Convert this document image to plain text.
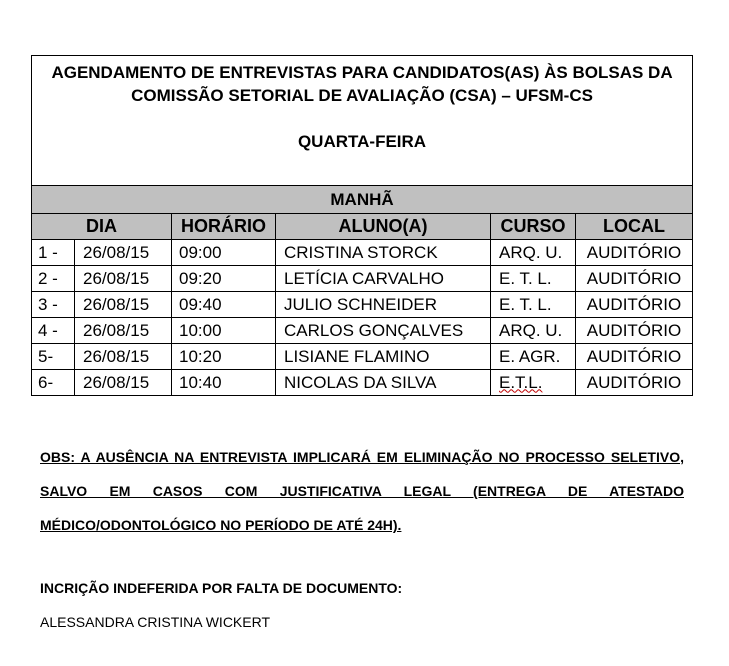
AGENDAMENTO DE ENTREVISTAS PARA CANDIDATOS(AS) ÀS BOLSAS DA
COMISSÃO SETORIAL DE AVALIAÇÃO (CSA) – UFSM-CS
QUARTA-FEIRA					

MANHÃ					
DIA		HORÁRIO	ALUNO(A)	CURSO	LOCAL
1 -	26/08/15	09:00	CRISTINA STORCK	ARQ. U.	AUDITÓRIO
2 -	26/08/15	09:20	LETÍCIA CARVALHO	E. T. L.	AUDITÓRIO
3 -	26/08/15	09:40	JULIO SCHNEIDER	E. T. L.	AUDITÓRIO
4 -	26/08/15	10:00	CARLOS GONÇALVES	ARQ. U.	AUDITÓRIO
5-	26/08/15	10:20	LISIANE FLAMINO	E. AGR.	AUDITÓRIO
6-	26/08/15	10:40	NICOLAS DA SILVA	E.T.L.	AUDITÓRIO

OBS: A AUSÊNCIA NA ENTREVISTA IMPLICARÁ EM ELIMINAÇÃO NO PROCESSO SELETIVO, SALVO EM CASOS COM JUSTIFICATIVA LEGAL (ENTREGA DE ATESTADO MÉDICO/ODONTOLÓGICO NO PERÍODO DE ATÉ 24H).

INCRIÇÃO INDEFERIDA POR FALTA DE DOCUMENTO:
ALESSANDRA CRISTINA WICKERT
